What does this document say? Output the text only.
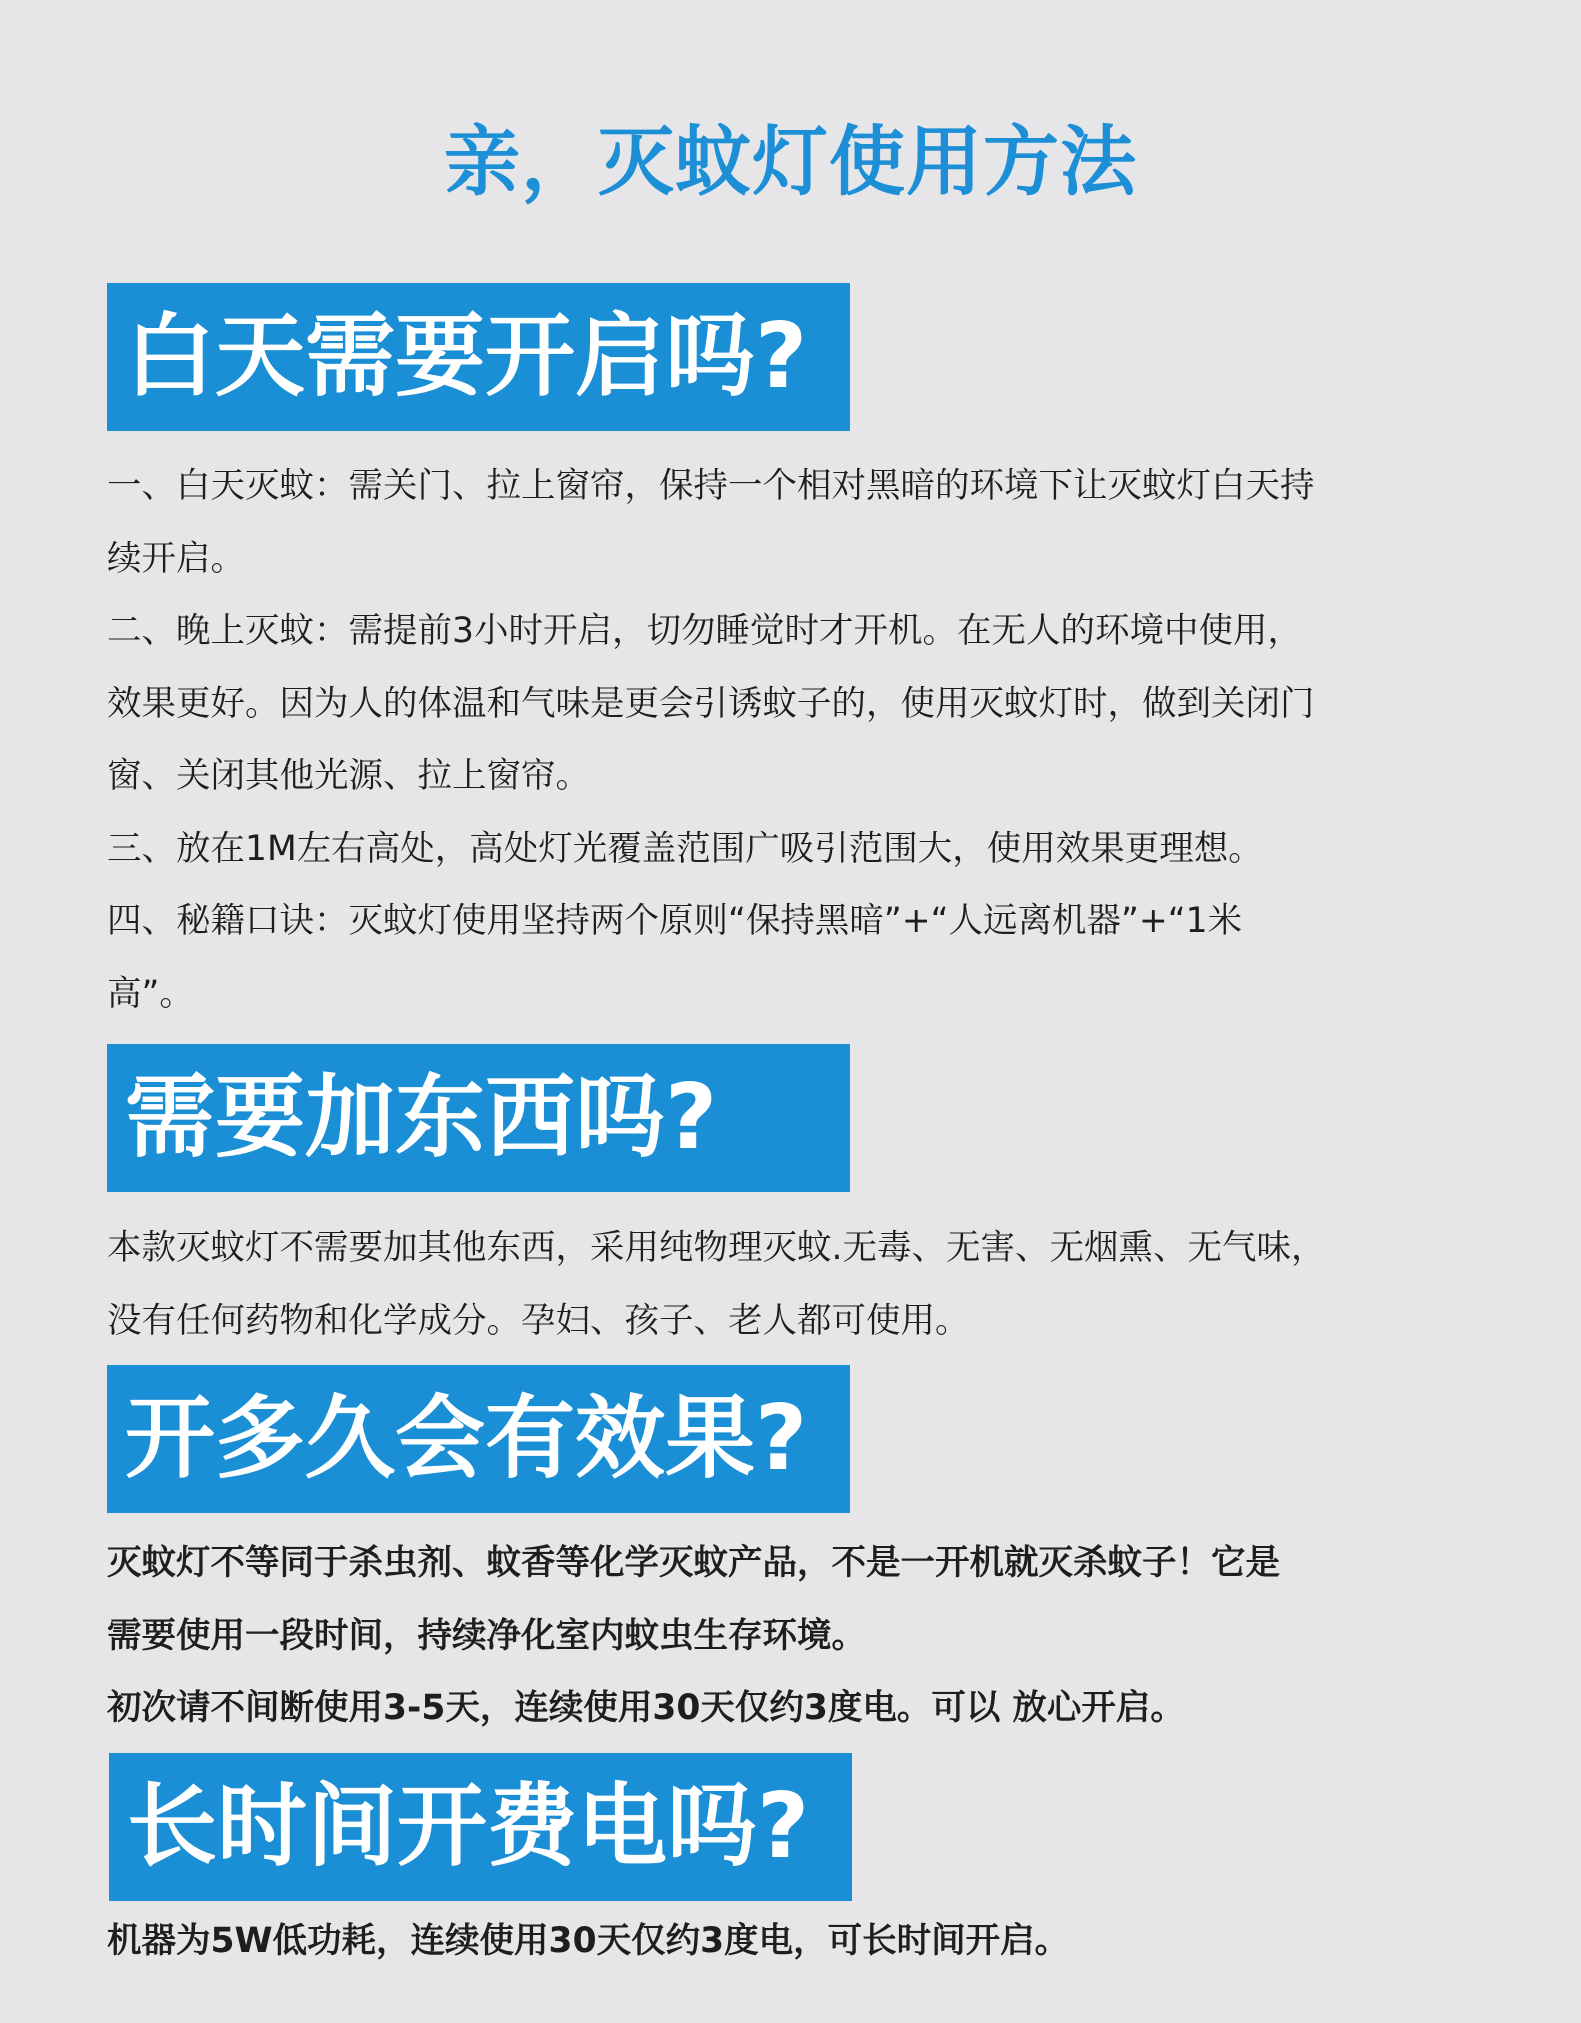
亲，灭蚊灯使用方法
白天需要开启吗?
一、白天灭蚊：需关门、拉上窗帘，保持一个相对黑暗的环境下让灭蚊灯白天持
续开启。
二、晚上灭蚊：需提前3小时开启，切勿睡觉时才开机。在无人的环境中使用，
效果更好。因为人的体温和气味是更会引诱蚊子的，使用灭蚊灯时，做到关闭门
窗、关闭其他光源、拉上窗帘。
三、放在1M左右高处，高处灯光覆盖范围广吸引范围大，使用效果更理想。
四、秘籍口诀：灭蚊灯使用坚持两个原则“保持黑暗”+“人远离机器”+“1米
高”。
需要加东西吗?
本款灭蚊灯不需要加其他东西，采用纯物理灭蚊.无毒、无害、无烟熏、无气味，
没有任何药物和化学成分。孕妇、孩子、老人都可使用。
开多久会有效果?
灭蚊灯不等同于杀虫剂、蚊香等化学灭蚊产品，不是一开机就灭杀蚊子！它是
需要使用一段时间，持续净化室内蚊虫生存环境。
初次请不间断使用3-5天，连续使用30天仅约3度电。可以 放心开启。
长时间开费电吗?
机器为5W低功耗，连续使用30天仅约3度电，可长时间开启。
